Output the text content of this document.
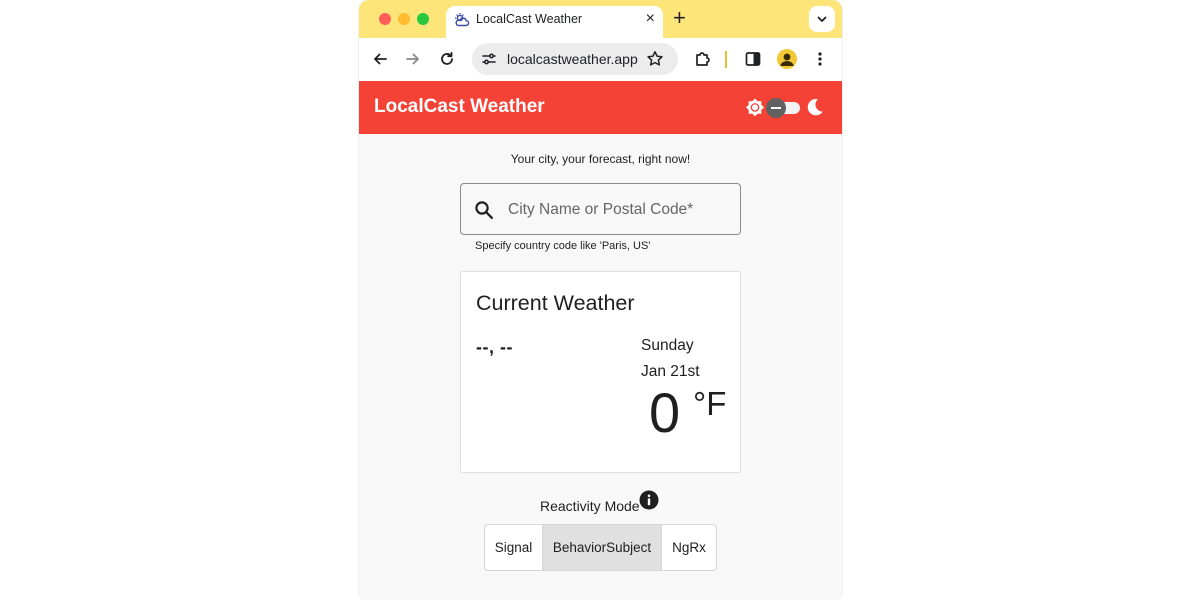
LocalCast Weather	× +
localcastweather.app
LocalCast Weather
Your city, your forecast, right now!
City Name or Postal Code*
Specify country code like 'Paris, US'
Current Weather
--, --	Sunday
Jan 21st
0 °F
Reactivity Mode
Signal	BehaviorSubject	NgRx
